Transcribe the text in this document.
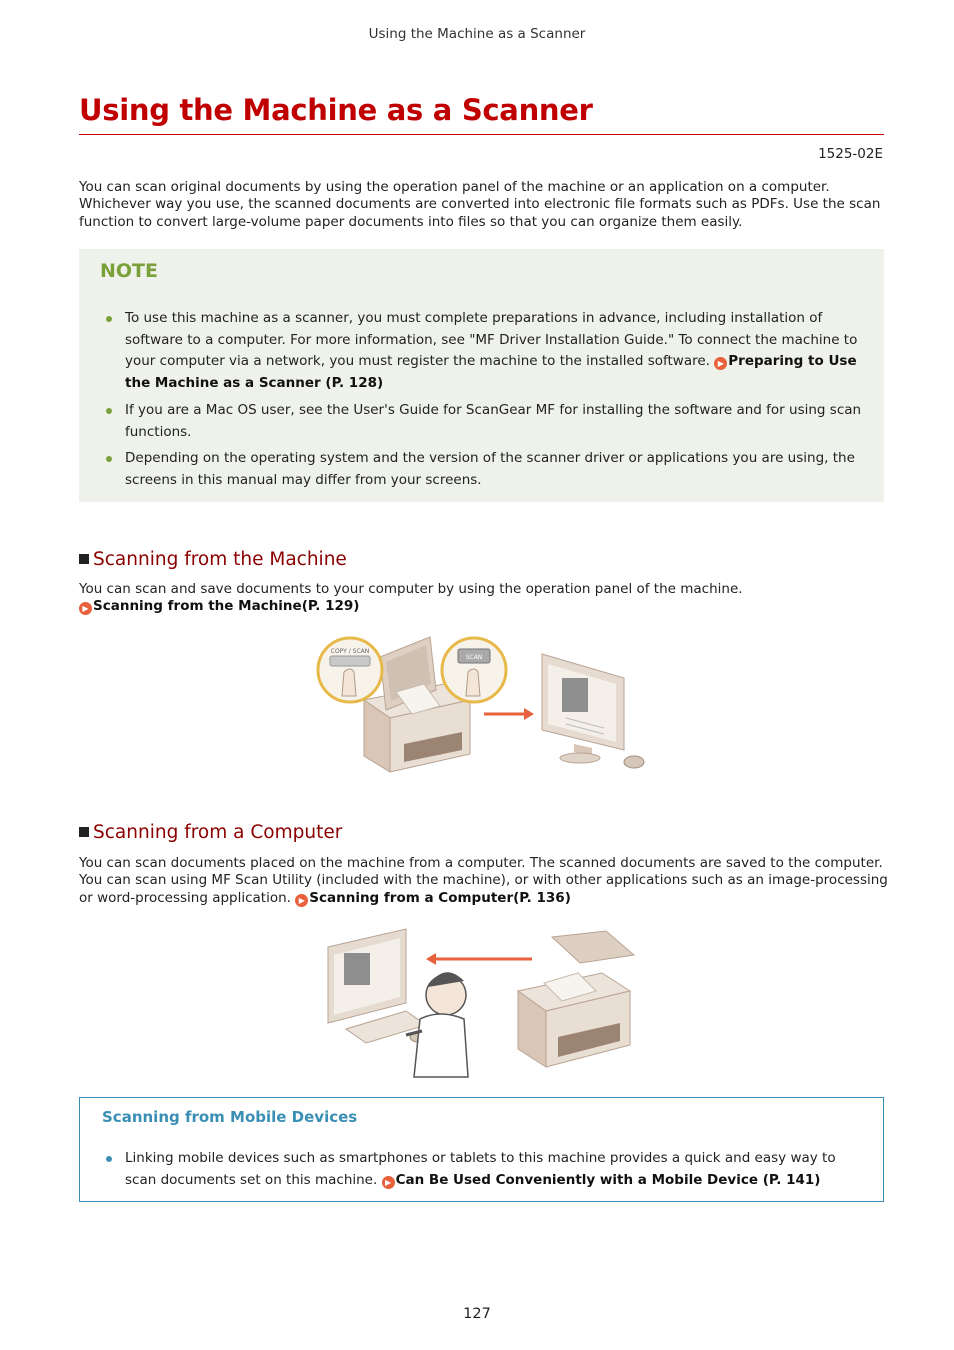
Using the Machine as a Scanner
Using the Machine as a Scanner
1525-02E
You can scan original documents by using the operation panel of the machine or an application on a computer. Whichever way you use, the scanned documents are converted into electronic file formats such as PDFs. Use the scan function to convert large-volume paper documents into files so that you can organize them easily.
NOTE
To use this machine as a scanner, you must complete preparations in advance, including installation of software to a computer. For more information, see "MF Driver Installation Guide." To connect the machine to your computer via a network, you must register the machine to the installed software. ▶ Preparing to Use the Machine as a Scanner (P. 128)
If you are a Mac OS user, see the User's Guide for ScanGear MF for installing the software and for using scan functions.
Depending on the operating system and the version of the scanner driver or applications you are using, the screens in this manual may differ from your screens.
Scanning from the Machine
You can scan and save documents to your computer by using the operation panel of the machine.
▶ Scanning from the Machine(P. 129)
COPY / SCAN
SCAN
Scanning from a Computer
You can scan documents placed on the machine from a computer. The scanned documents are saved to the computer. You can scan using MF Scan Utility (included with the machine), or with other applications such as an image-processing or word-processing application. ▶ Scanning from a Computer(P. 136)
Scanning from Mobile Devices
Linking mobile devices such as smartphones or tablets to this machine provides a quick and easy way to scan documents set on this machine. ▶ Can Be Used Conveniently with a Mobile Device (P. 141)
127
